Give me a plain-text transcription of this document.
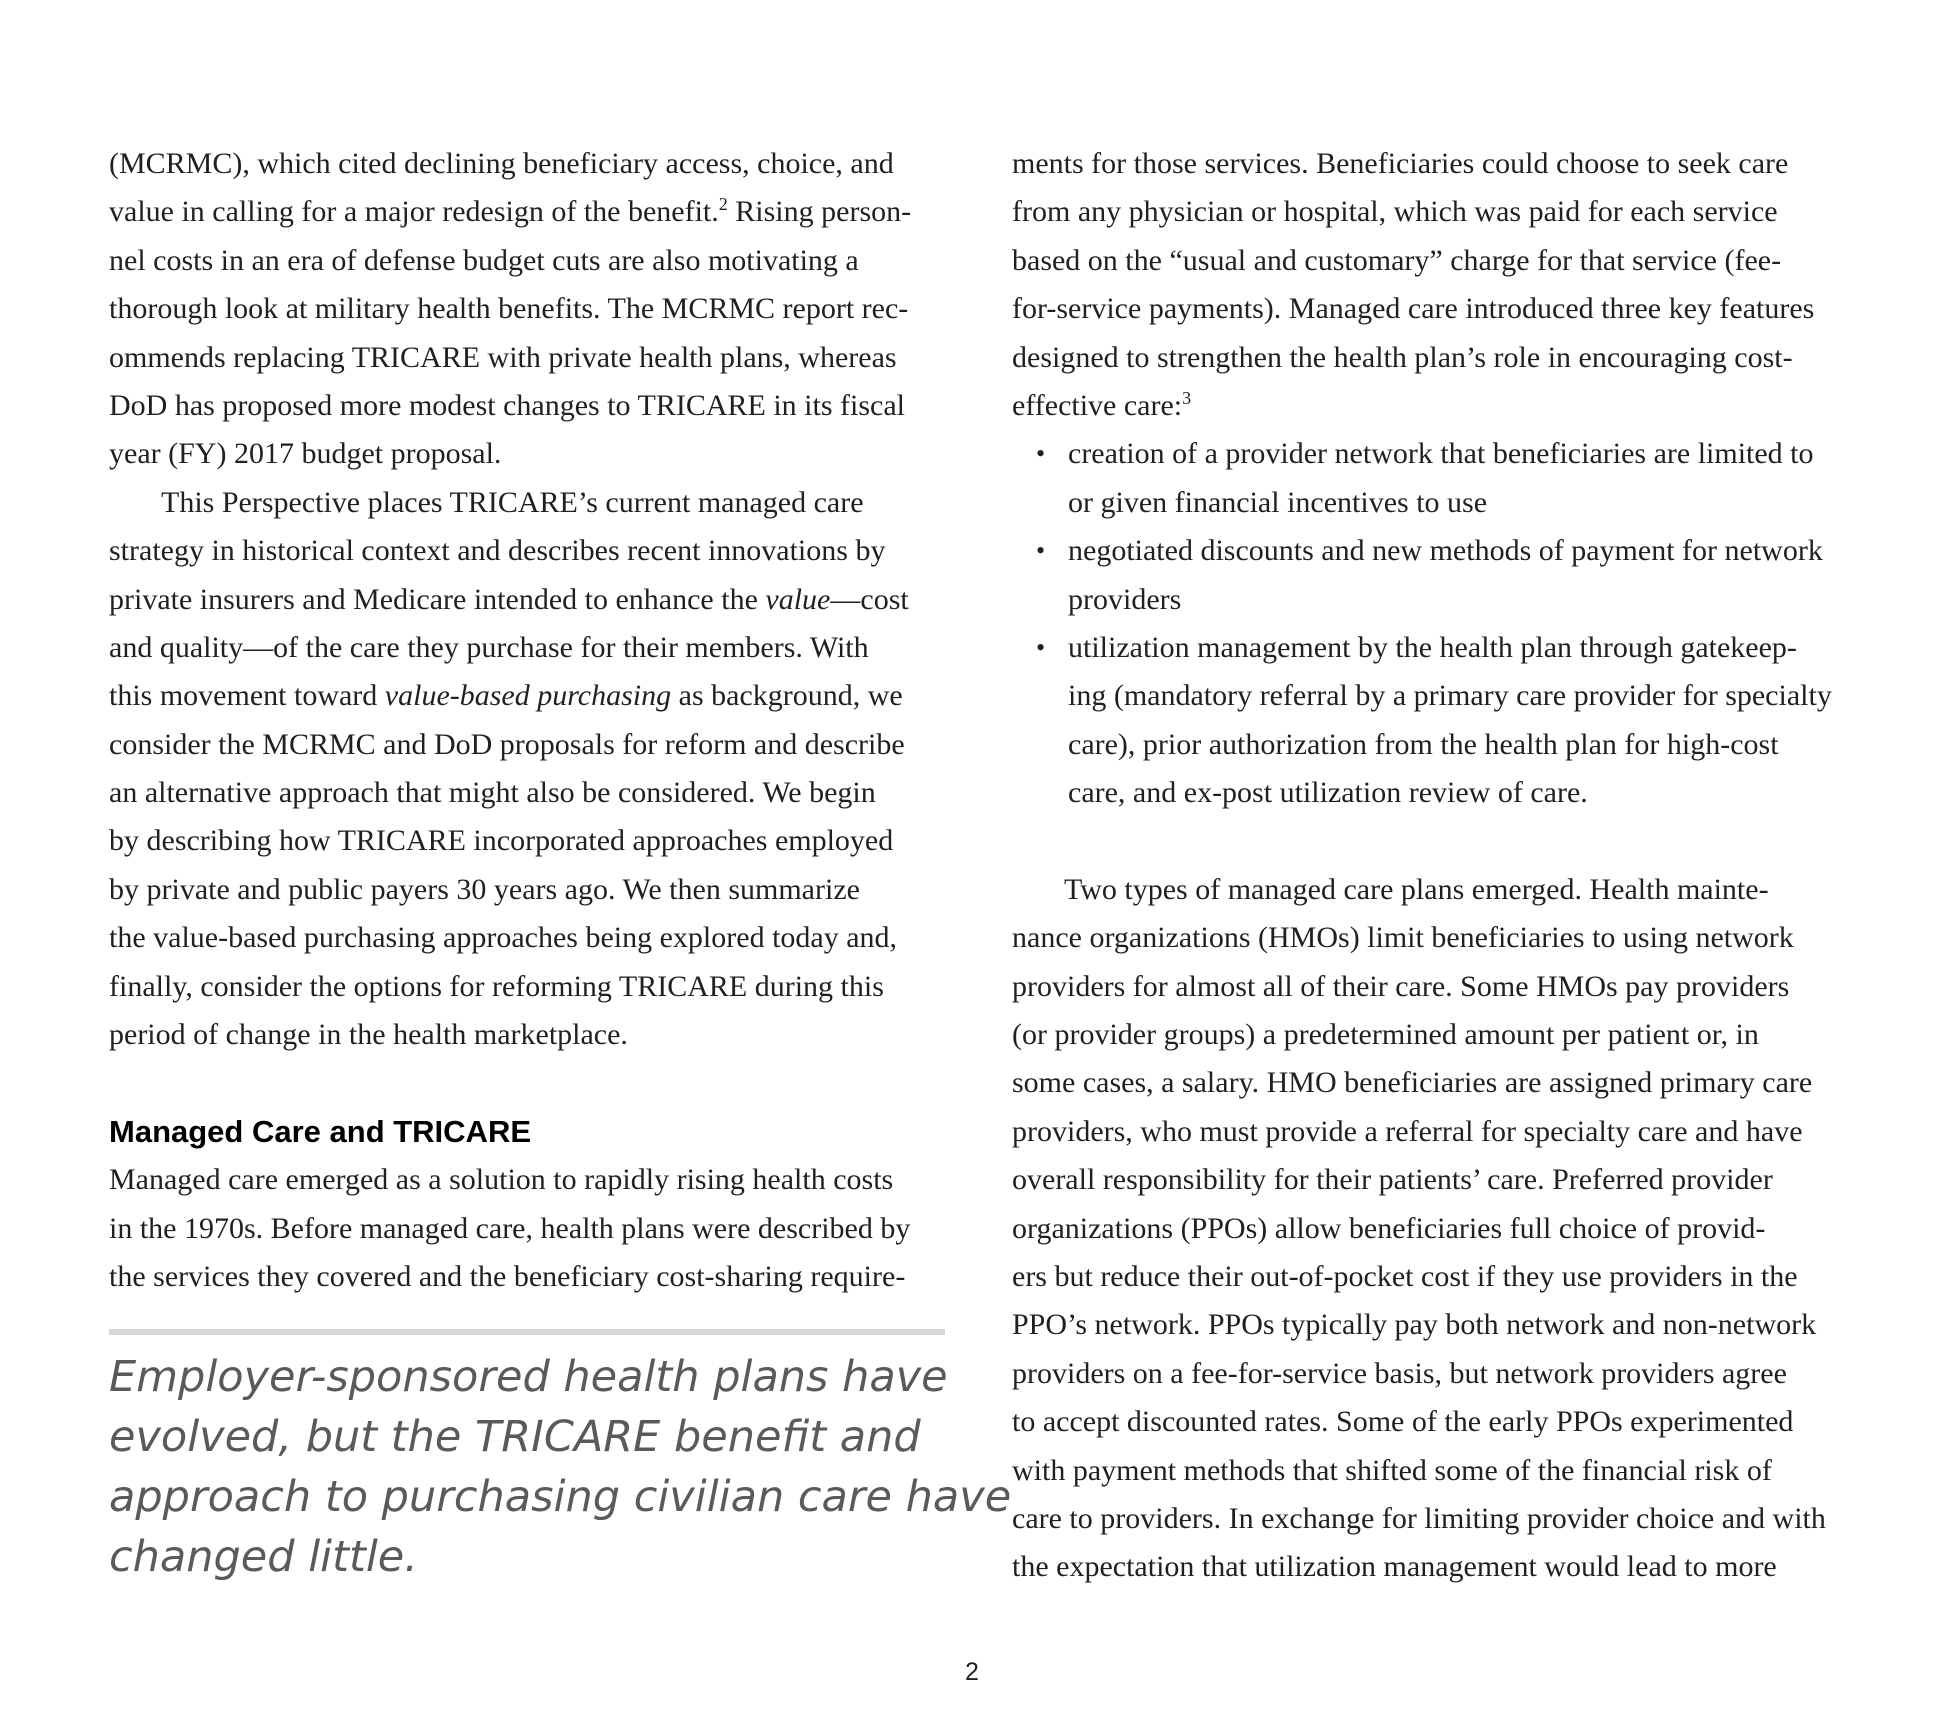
(MCRMC), which cited declining beneficiary access, choice, and
value in calling for a major redesign of the benefit.$^2$ Rising person-
nel costs in an era of defense budget cuts are also motivating a
thorough look at military health benefits. The MCRMC report rec-
ommends replacing TRICARE with private health plans, whereas
DoD has proposed more modest changes to TRICARE in its fiscal
year (FY) 2017 budget proposal.
This Perspective places TRICARE’s current managed care
strategy in historical context and describes recent innovations by
private insurers and Medicare intended to enhance the value—cost
and quality—of the care they purchase for their members. With
this movement toward value-based purchasing as background, we
consider the MCRMC and DoD proposals for reform and describe
an alternative approach that might also be considered. We begin
by describing how TRICARE incorporated approaches employed
by private and public payers 30 years ago. We then summarize
the value-based purchasing approaches being explored today and,
finally, consider the options for reforming TRICARE during this
period of change in the health marketplace.
Managed Care and TRICARE
Managed care emerged as a solution to rapidly rising health costs
in the 1970s. Before managed care, health plans were described by
the services they covered and the beneficiary cost-sharing require-
Employer-sponsored health plans have
evolved, but the TRICARE benefit and
approach to purchasing civilian care have
changed little.
ments for those services. Beneficiaries could choose to seek care
from any physician or hospital, which was paid for each service
based on the “usual and customary” charge for that service (fee-
for-service payments). Managed care introduced three key features
designed to strengthen the health plan’s role in encouraging cost-
effective care:$^3$
• creation of a provider network that beneficiaries are limited to
or given financial incentives to use
• negotiated discounts and new methods of payment for network
providers
• utilization management by the health plan through gatekeep-
ing (mandatory referral by a primary care provider for specialty
care), prior authorization from the health plan for high-cost
care, and ex-post utilization review of care.
Two types of managed care plans emerged. Health mainte-
nance organizations (HMOs) limit beneficiaries to using network
providers for almost all of their care. Some HMOs pay providers
(or provider groups) a predetermined amount per patient or, in
some cases, a salary. HMO beneficiaries are assigned primary care
providers, who must provide a referral for specialty care and have
overall responsibility for their patients’ care. Preferred provider
organizations (PPOs) allow beneficiaries full choice of provid-
ers but reduce their out-of-pocket cost if they use providers in the
PPO’s network. PPOs typically pay both network and non-network
providers on a fee-for-service basis, but network providers agree
to accept discounted rates. Some of the early PPOs experimented
with payment methods that shifted some of the financial risk of
care to providers. In exchange for limiting provider choice and with
the expectation that utilization management would lead to more
2
